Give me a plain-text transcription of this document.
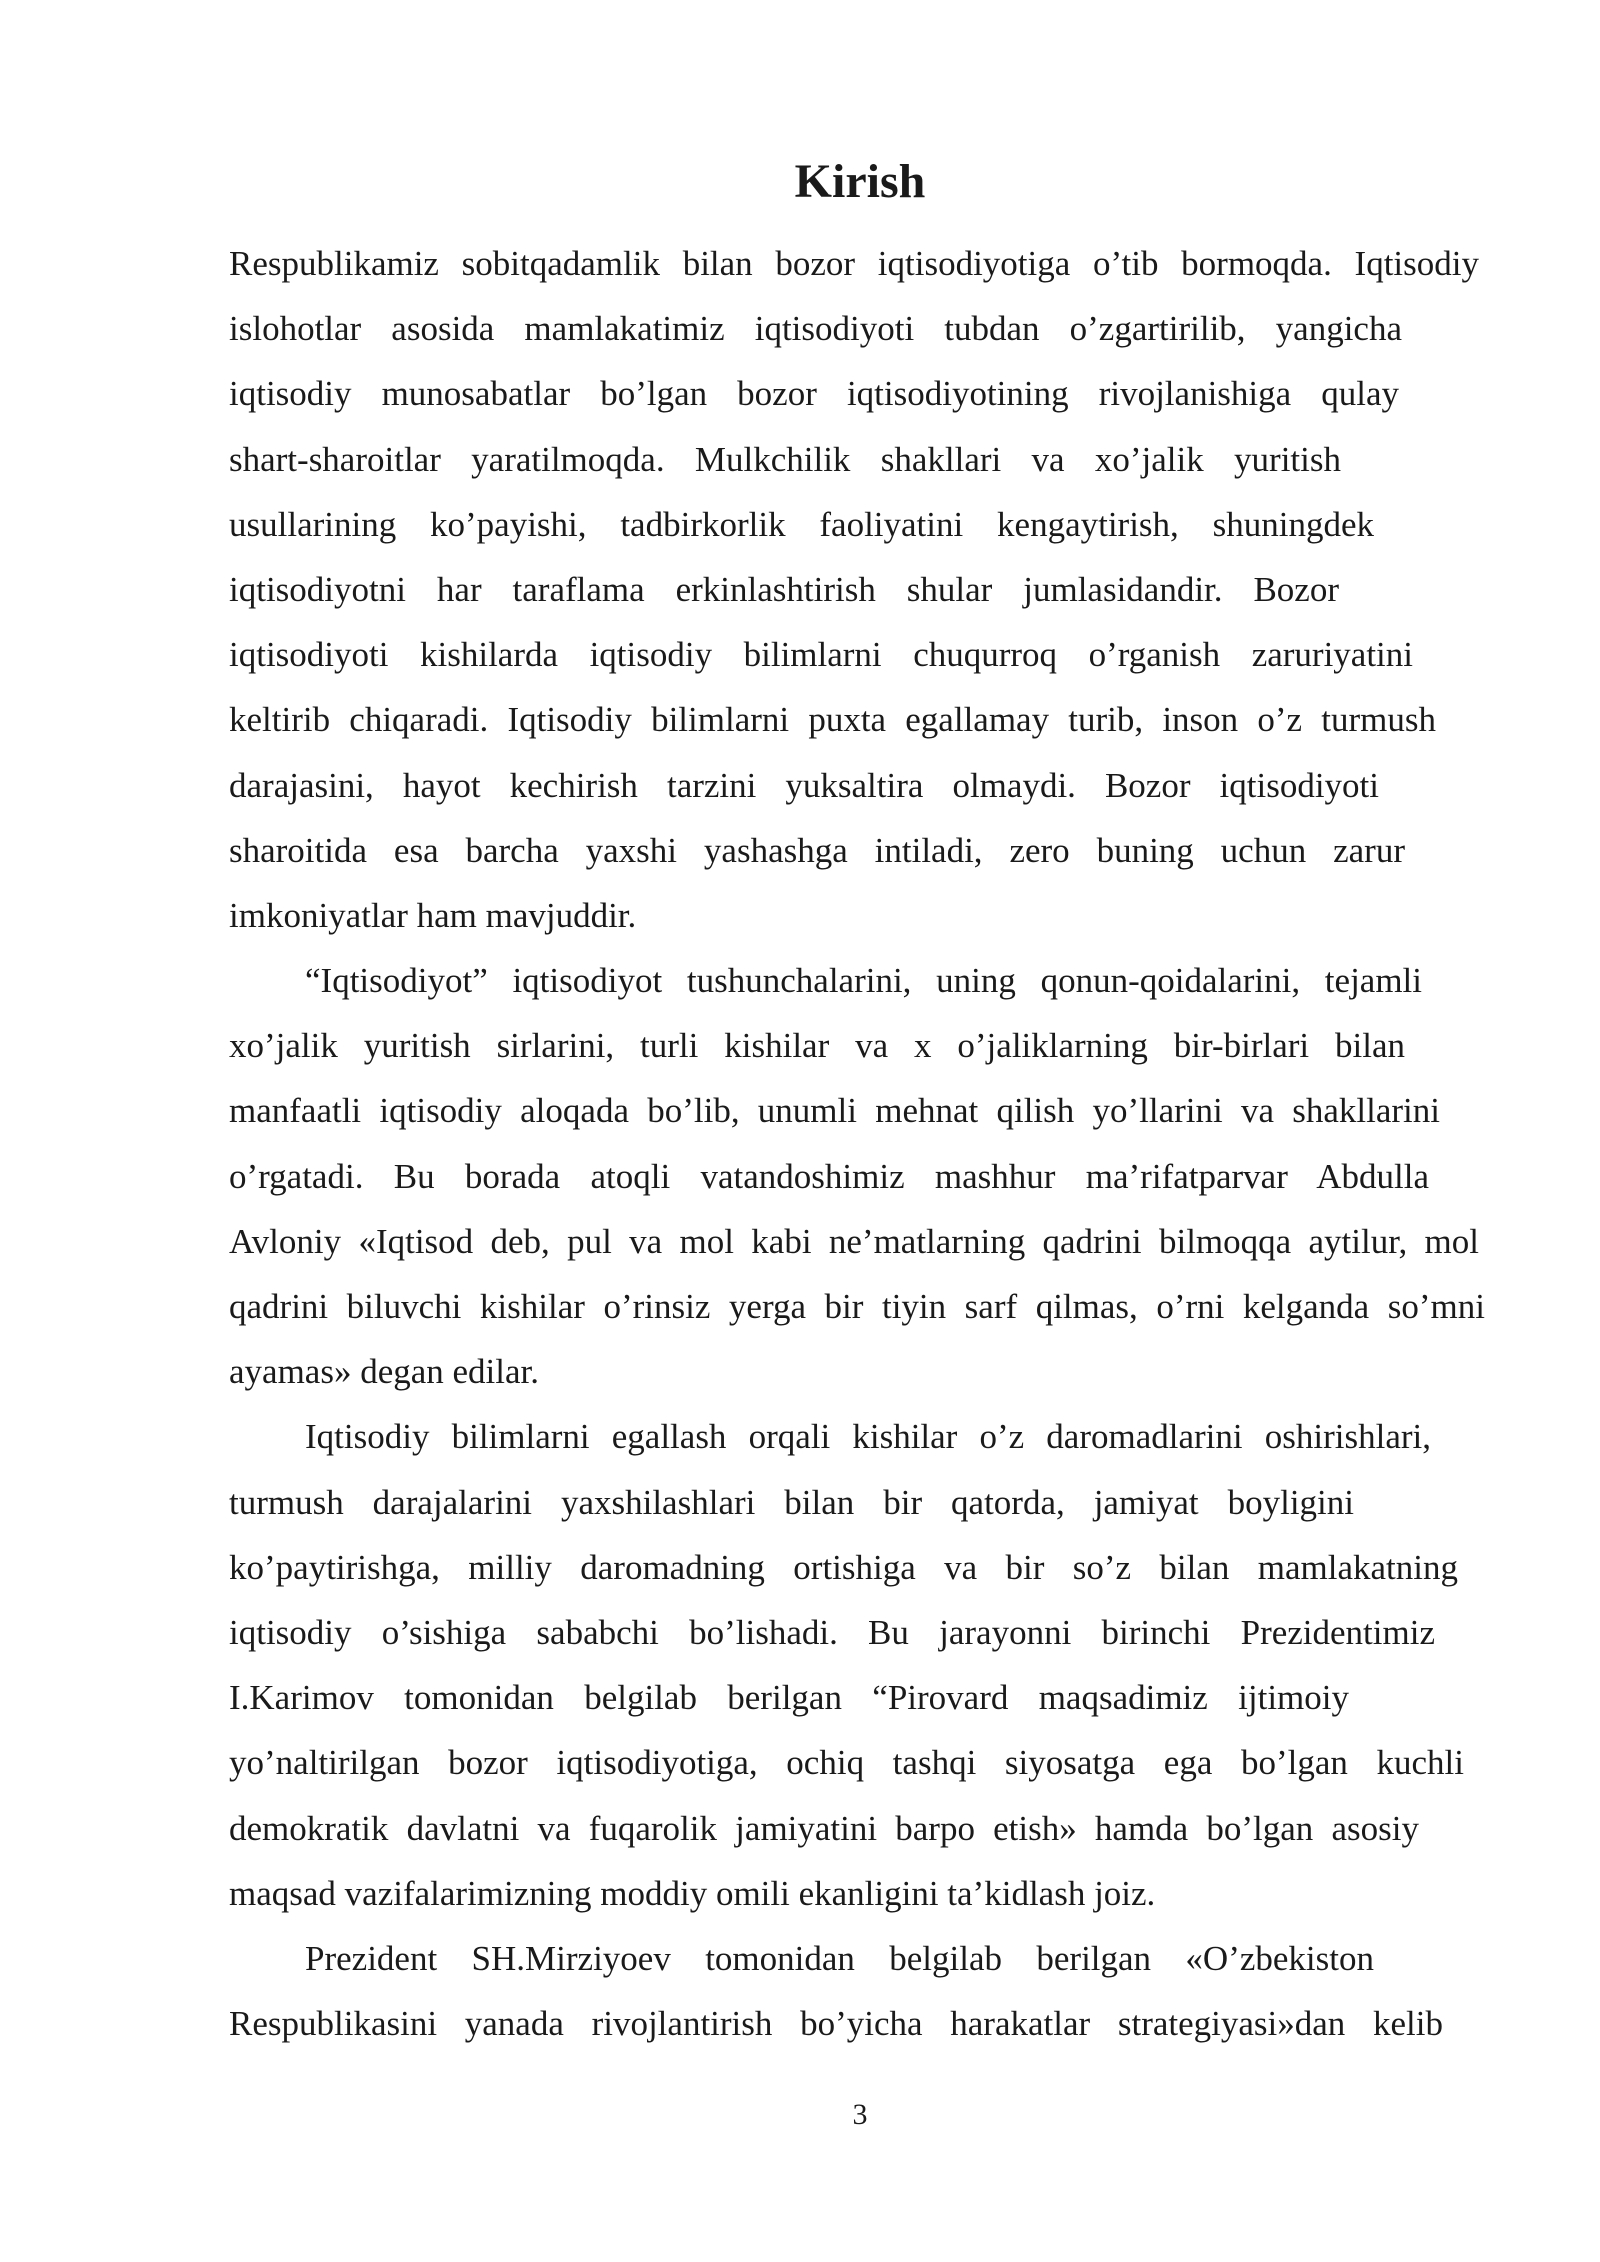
Kirish
Respublikamiz sobitqadamlik bilan bozor iqtisodiyotiga o’tib bormoqda. Iqtisodiy
islohotlar asosida mamlakatimiz iqtisodiyoti tubdan o’zgartirilib, yangicha
iqtisodiy munosabatlar bo’lgan bozor iqtisodiyotining rivojlanishiga qulay
shart-sharoitlar yaratilmoqda. Mulkchilik shakllari va xo’jalik yuritish
usullarining ko’payishi, tadbirkorlik faoliyatini kengaytirish, shuningdek
iqtisodiyotni har taraflama erkinlashtirish shular jumlasidandir. Bozor
iqtisodiyoti kishilarda iqtisodiy bilimlarni chuqurroq o’rganish zaruriyatini
keltirib chiqaradi. Iqtisodiy bilimlarni puxta egallamay turib, inson o’z turmush
darajasini, hayot kechirish tarzini yuksaltira olmaydi. Bozor iqtisodiyoti
sharoitida esa barcha yaxshi yashashga intiladi, zero buning uchun zarur
imkoniyatlar ham mavjuddir.
“Iqtisodiyot” iqtisodiyot tushunchalarini, uning qonun-qoidalarini, tejamli
xo’jalik yuritish sirlarini, turli kishilar va x o’jaliklarning bir-birlari bilan
manfaatli iqtisodiy aloqada bo’lib, unumli mehnat qilish yo’llarini va shakllarini
o’rgatadi. Bu borada atoqli vatandoshimiz mashhur ma’rifatparvar Abdulla
Avloniy «Iqtisod deb, pul va mol kabi ne’matlarning qadrini bilmoqqa aytilur, mol
qadrini biluvchi kishilar o’rinsiz yerga bir tiyin sarf qilmas, o’rni kelganda so’mni
ayamas» degan edilar.
Iqtisodiy bilimlarni egallash orqali kishilar o’z daromadlarini oshirishlari,
turmush darajalarini yaxshilashlari bilan bir qatorda, jamiyat boyligini
ko’paytirishga, milliy daromadning ortishiga va bir so’z bilan mamlakatning
iqtisodiy o’sishiga sababchi bo’lishadi. Bu jarayonni birinchi Prezidentimiz
I.Karimov tomonidan belgilab berilgan “Pirovard maqsadimiz ijtimoiy
yo’naltirilgan bozor iqtisodiyotiga, ochiq tashqi siyosatga ega bo’lgan kuchli
demokratik davlatni va fuqarolik jamiyatini barpo etish» hamda bo’lgan asosiy
maqsad vazifalarimizning moddiy omili ekanligini ta’kidlash joiz.
Prezident SH.Mirziyoev tomonidan belgilab berilgan «O’zbekiston
Respublikasini yanada rivojlantirish bo’yicha harakatlar strategiyasi»dan kelib
3
